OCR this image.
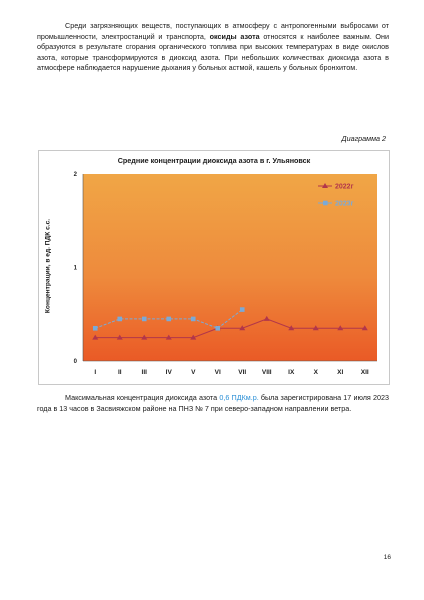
Среди загрязняющих веществ, поступающих в атмосферу с антропогенными выбросами от промышленности, электростанций и транспорта, оксиды азота относятся к наиболее важным. Они образуются в результате сгорания органического топлива при высоких температурах в виде окислов азота, которые трансформируются в диоксид азота. При небольших количествах диоксида азота в атмосфере наблюдается нарушение дыхания у больных астмой, кашель у больных бронхитом.

Диаграмма 2
Средние концентрации диоксида азота в г. Ульяновск
Концентрации, в ед. ПДК с.с.
I	II	III	IV	V	VI	VII VIII	IX	X	XI	XII
0
1
2
2022г
2023г

Максимальная концентрация диоксида азота 0,6 ПДКм.р. была зарегистрирована 17 июля 2023 года в 13 часов в Засвияжском районе на ПНЗ № 7 при северо-западном направлении ветра.

16
